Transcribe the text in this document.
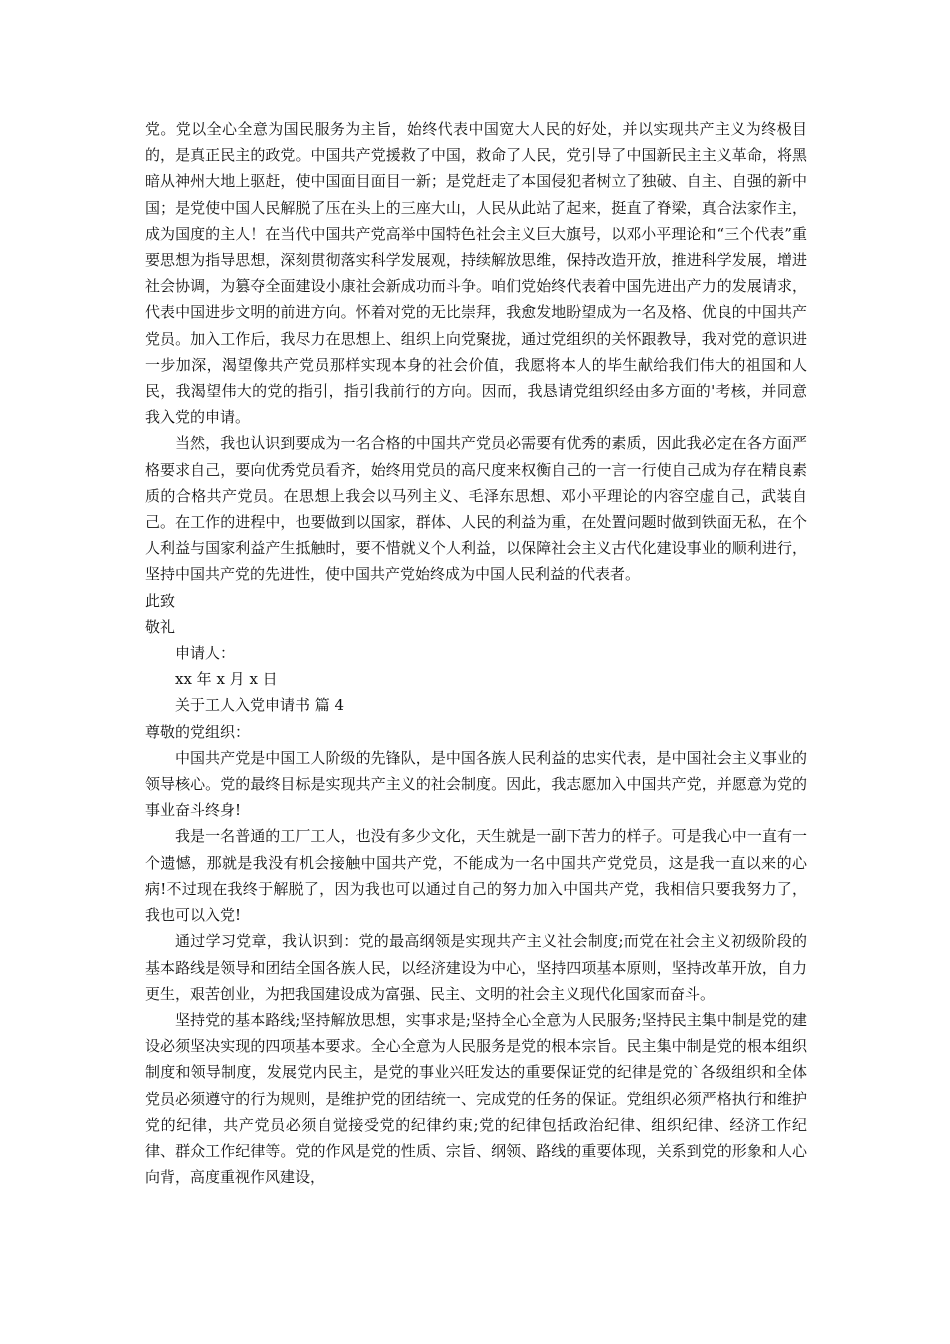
党。党以全心全意为国民服务为主旨，始终代表中国宽大人民的好处，并以实现共产主义为终极目的，是真正民主的政党。中国共产党援救了中国，救命了人民，党引导了中国新民主主义革命，将黑暗从神州大地上驱赶，使中国面目面目一新；是党赶走了本国侵犯者树立了独破、自主、自强的新中国；是党使中国人民解脱了压在头上的三座大山，人民从此站了起来，挺直了脊梁，真合法家作主，成为国度的主人！在当代中国共产党高举中国特色社会主义巨大旗号，以邓小平理论和“三个代表”重要思想为指导思想，深刻贯彻落实科学发展观，持续解放思维，保持改造开放，推进科学发展，增进社会协调，为篡夺全面建设小康社会新成功而斗争。咱们党始终代表着中国先进出产力的发展请求，代表中国进步文明的前进方向。怀着对党的无比崇拜，我愈发地盼望成为一名及格、优良的中国共产党员。加入工作后，我尽力在思想上、组织上向党聚拢，通过党组织的关怀跟教导，我对党的意识进一步加深，渴望像共产党员那样实现本身的社会价值，我愿将本人的毕生献给我们伟大的祖国和人民，我渴望伟大的党的指引，指引我前行的方向。因而，我恳请党组织经由多方面的'考核，并同意我入党的申请。

当然，我也认识到要成为一名合格的中国共产党员必需要有优秀的素质，因此我必定在各方面严格要求自己，要向优秀党员看齐，始终用党员的高尺度来权衡自己的一言一行使自己成为存在精良素质的合格共产党员。在思想上我会以马列主义、毛泽东思想、邓小平理论的内容空虚自己，武装自己。在工作的进程中，也要做到以国家，群体、人民的利益为重，在处置问题时做到铁面无私，在个人利益与国家利益产生抵触时，要不惜就义个人利益，以保障社会主义古代化建设事业的顺利进行，坚持中国共产党的先进性，使中国共产党始终成为中国人民利益的代表者。

此致

敬礼

申请人：

xx 年 x 月 x 日

关于工人入党申请书 篇 4

尊敬的党组织：

中国共产党是中国工人阶级的先锋队，是中国各族人民利益的忠实代表，是中国社会主义事业的领导核心。党的最终目标是实现共产主义的社会制度。因此，我志愿加入中国共产党，并愿意为党的事业奋斗终身!

我是一名普通的工厂工人，也没有多少文化，天生就是一副下苦力的样子。可是我心中一直有一个遗憾，那就是我没有机会接触中国共产党，不能成为一名中国共产党党员，这是我一直以来的心病!不过现在我终于解脱了，因为我也可以通过自己的努力加入中国共产党，我相信只要我努力了，我也可以入党!

通过学习党章，我认识到：党的最高纲领是实现共产主义社会制度;而党在社会主义初级阶段的基本路线是领导和团结全国各族人民，以经济建设为中心，坚持四项基本原则，坚持改革开放，自力更生，艰苦创业，为把我国建设成为富强、民主、文明的社会主义现代化国家而奋斗。

坚持党的基本路线;坚持解放思想，实事求是;坚持全心全意为人民服务;坚持民主集中制是党的建设必须坚决实现的四项基本要求。全心全意为人民服务是党的根本宗旨。民主集中制是党的根本组织制度和领导制度，发展党内民主，是党的事业兴旺发达的重要保证党的纪律是党的`各级组织和全体党员必须遵守的行为规则，是维护党的团结统一、完成党的任务的保证。党组织必须严格执行和维护党的纪律，共产党员必须自觉接受党的纪律约束;党的纪律包括政治纪律、组织纪律、经济工作纪律、群众工作纪律等。党的作风是党的性质、宗旨、纲领、路线的重要体现，关系到党的形象和人心向背，高度重视作风建设，
